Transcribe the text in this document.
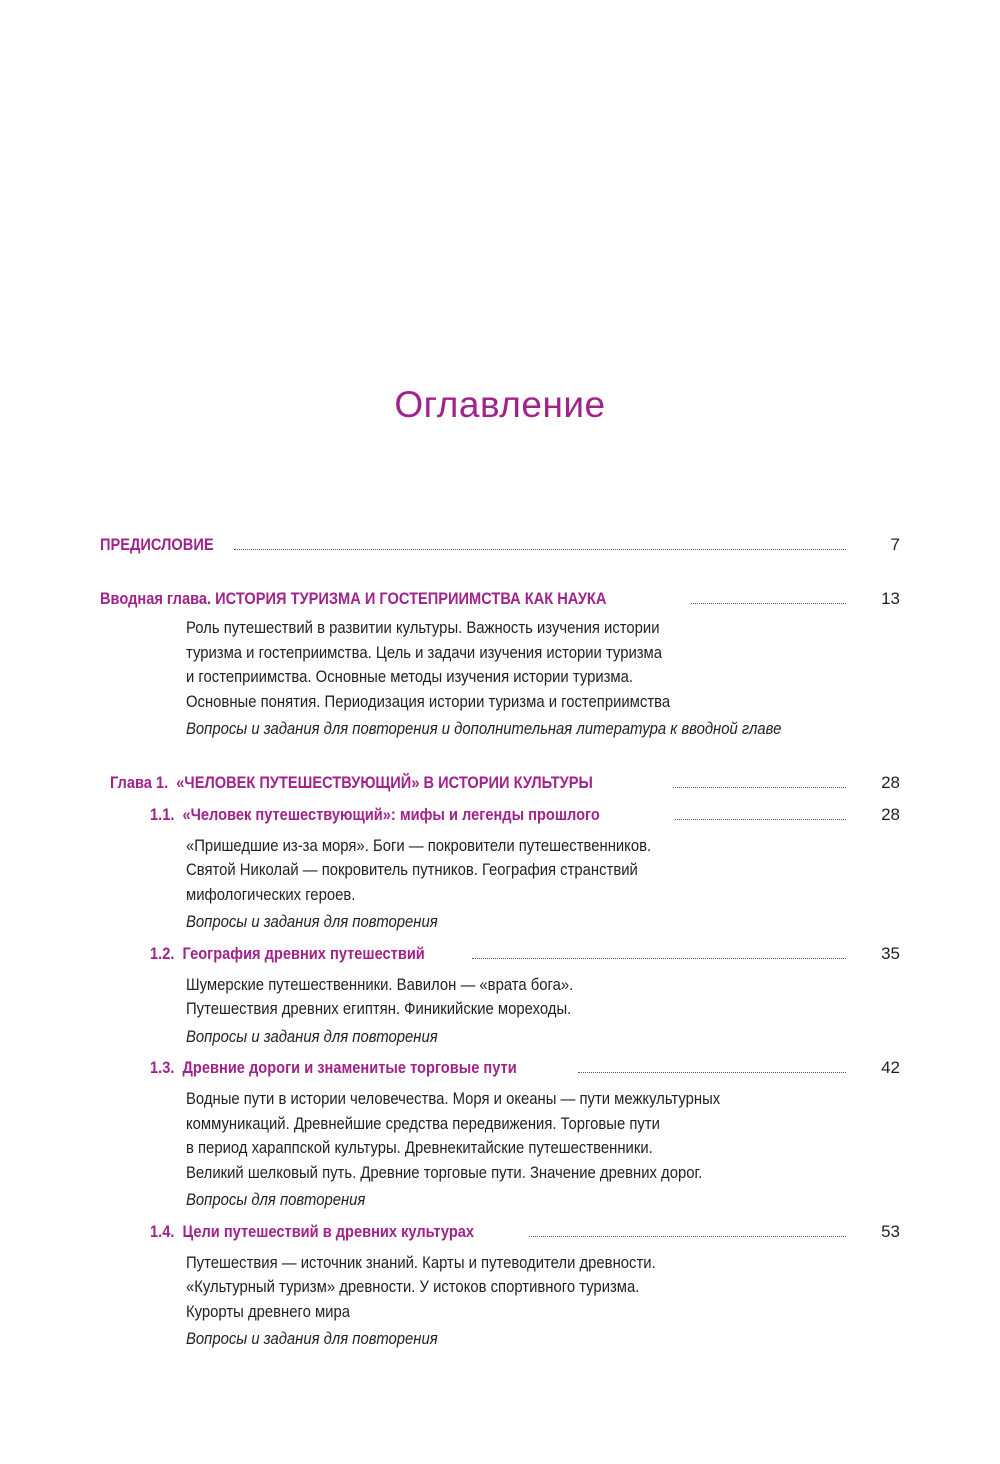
Оглавление
ПРЕДИСЛОВИЕ	7
Вводная глава. ИСТОРИЯ ТУРИЗМА И ГОСТЕПРИИМСТВА КАК НАУКА	13
Роль путешествий в развитии культуры. Важность изучения истории
туризма и гостеприимства. Цель и задачи изучения истории туризма
и гостеприимства. Основные методы изучения истории туризма.
Основные понятия. Периодизация истории туризма и гостеприимства
Вопросы и задания для повторения и дополнительная литература к вводной главе
Глава 1. «ЧЕЛОВЕК ПУТЕШЕСТВУЮЩИЙ» В ИСТОРИИ КУЛЬТУРЫ	28
1.1. «Человек путешествующий»: мифы и легенды прошлого	28
«Пришедшие из-за моря». Боги — покровители путешественников.
Святой Николай — покровитель путников. География странствий
мифологических героев.
Вопросы и задания для повторения
1.2. География древних путешествий	35
Шумерские путешественники. Вавилон — «врата бога».
Путешествия древних египтян. Финикийские мореходы.
Вопросы и задания для повторения
1.3. Древние дороги и знаменитые торговые пути	42
Водные пути в истории человечества. Моря и океаны — пути межкультурных
коммуникаций. Древнейшие средства передвижения. Торговые пути
в период хараппской культуры. Древнекитайские путешественники.
Великий шелковый путь. Древние торговые пути. Значение древних дорог.
Вопросы для повторения
1.4. Цели путешествий в древних культурах	53
Путешествия — источник знаний. Карты и путеводители древности.
«Культурный туризм» древности. У истоков спортивного туризма.
Курорты древнего мира
Вопросы и задания для повторения
